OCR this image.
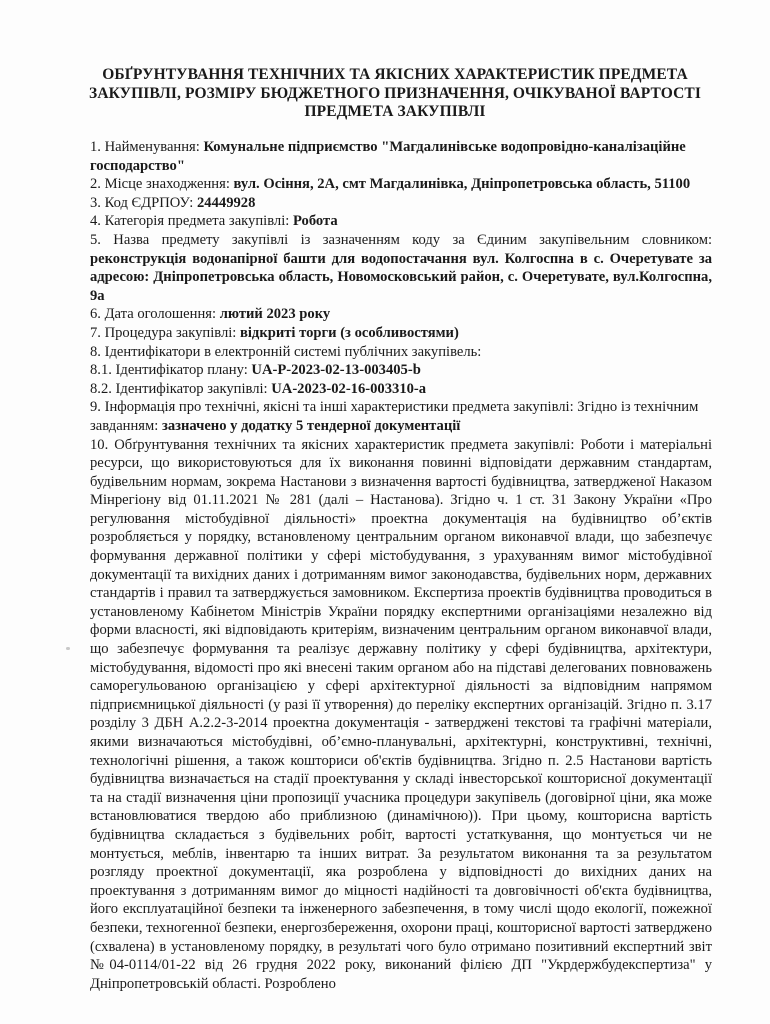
ОБҐРУНТУВАННЯ ТЕХНІЧНИХ ТА ЯКІСНИХ ХАРАКТЕРИСТИК ПРЕДМЕТА
ЗАКУПІВЛІ, РОЗМІРУ БЮДЖЕТНОГО ПРИЗНАЧЕННЯ, ОЧІКУВАНОЇ ВАРТОСТІ
ПРЕДМЕТА ЗАКУПІВЛІ

1. Найменування: Комунальне підприємство "Магдалинівське водопровідно-каналізаційне господарство"

2. Місце знаходження: вул. Осіння, 2А, смт Магдалинівка, Дніпропетровська область, 51100

3. Код ЄДРПОУ: 24449928

4. Категорія предмета закупівлі: Робота

5. Назва предмету закупівлі із зазначенням коду за Єдиним закупівельним словником: реконструкція водонапірної башти для водопостачання вул. Колгоспна в с. Очеретувате за адресою: Дніпропетровська область, Новомосковський район, с. Очеретувате, вул.Колгоспна, 9а

6. Дата оголошення: лютий 2023 року

7. Процедура закупівлі: відкриті торги (з особливостями)

8. Ідентифікатори в електронній системі публічних закупівель:

8.1. Ідентифікатор плану: UA-P-2023-02-13-003405-b

8.2. Ідентифікатор закупівлі: UA-2023-02-16-003310-a

9. Інформація про технічні, якісні та інші характеристики предмета закупівлі: Згідно із технічним завданням: зазначено у додатку 5 тендерної документації

10. Обґрунтування технічних та якісних характеристик предмета закупівлі: Роботи і матеріальні ресурси, що використовуються для їх виконання повинні відповідати державним стандартам, будівельним нормам, зокрема Настанови з визначення вартості будівництва, затвердженої Наказом Мінрегіону від 01.11.2021 № 281 (далі – Настанова). Згідно ч. 1 ст. 31 Закону України «Про регулювання містобудівної діяльності» проектна документація на будівництво об’єктів розробляється у порядку, встановленому центральним органом виконавчої влади, що забезпечує формування державної політики у сфері містобудування, з урахуванням вимог містобудівної документації та вихідних даних і дотриманням вимог законодавства, будівельних норм, державних стандартів і правил та затверджується замовником. Експертиза проектів будівництва проводиться в установленому Кабінетом Міністрів України порядку експертними організаціями незалежно від форми власності, які відповідають критеріям, визначеним центральним органом виконавчої влади, що забезпечує формування та реалізує державну політику у сфері будівництва, архітектури, містобудування, відомості про які внесені таким органом або на підставі делегованих повноважень саморегульованою організацією у сфері архітектурної діяльності за відповідним напрямом підприємницької діяльності (у разі її утворення) до переліку експертних організацій. Згідно п. 3.17 розділу 3 ДБН А.2.2-3-2014 проектна документація - затверджені текстові та графічні матеріали, якими визначаються містобудівні, об’ємно-планувальні, архітектурні, конструктивні, технічні, технологічні рішення, а також кошториси об'єктів будівництва. Згідно п. 2.5 Настанови вартість будівництва визначається на стадії проектування у складі інвесторської кошторисної документації та на стадії визначення ціни пропозиції учасника процедури закупівель (договірної ціни, яка може встановлюватися твердою або приблизною (динамічною)). При цьому, кошторисна вартість будівництва складається з будівельних робіт, вартості устаткування, що монтується чи не монтується, меблів, інвентарю та інших витрат. За результатом виконання та за результатом розгляду проектної документації, яка розроблена у відповідності до вихідних даних на проектування з дотриманням вимог до міцності надійності та довговічності об'єкта будівництва, його експлуатаційної безпеки та інженерного забезпечення, в тому числі щодо екології, пожежної безпеки, техногенної безпеки, енергозбереження, охорони праці, кошторисної вартості затверджено (схвалена) в установленому порядку, в результаті чого було отримано позитивний експертний звіт №04-0114/01-22 від 26 грудня 2022 року, виконаний філією ДП "Укрдержбудекспертиза" у Дніпропетровській області. Розроблено
